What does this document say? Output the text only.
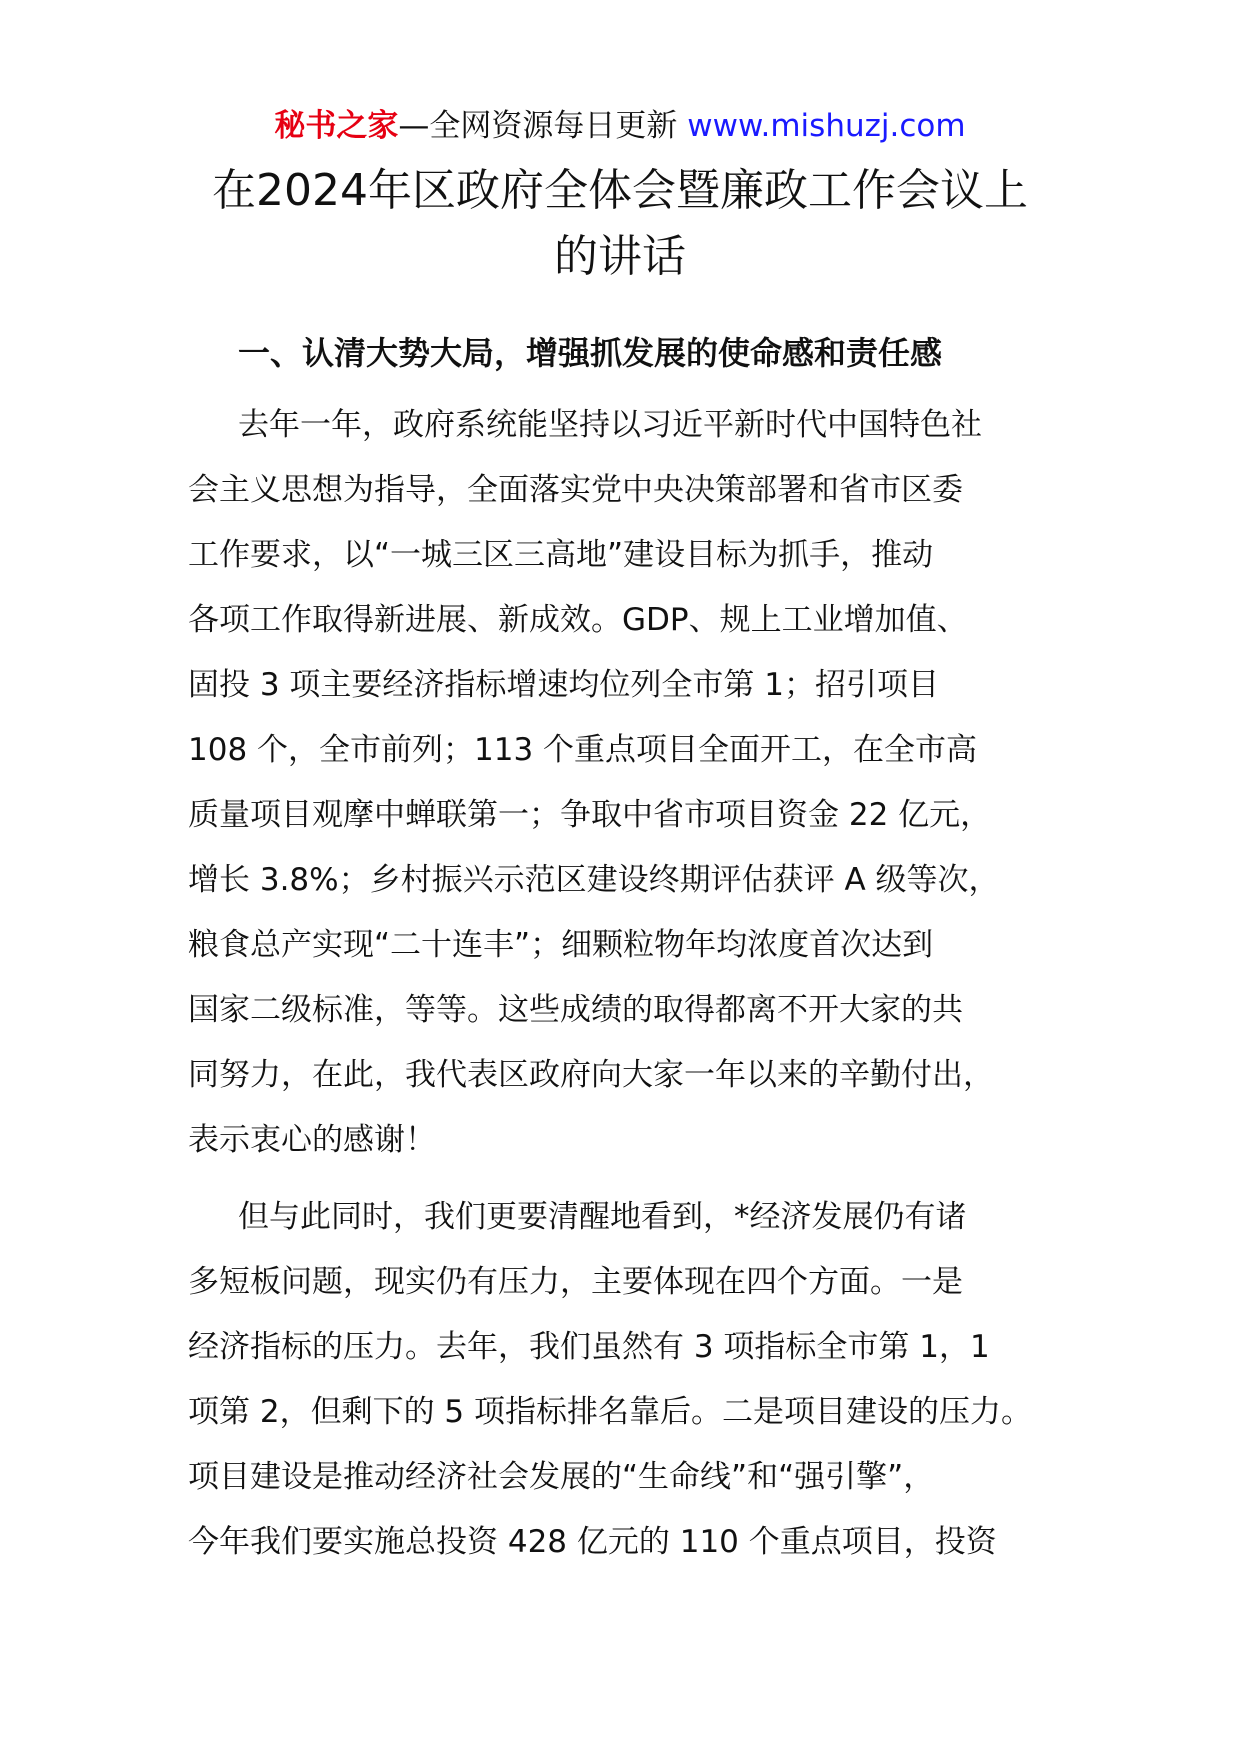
秘书之家—全网资源每日更新 www.mishuzj.com
在2024年区政府全体会暨廉政工作会议上
的讲话
一、认清大势大局，增强抓发展的使命感和责任感
去年一年，政府系统能坚持以习近平新时代中国特色社
会主义思想为指导，全面落实党中央决策部署和省市区委
工作要求，以“一城三区三高地”建设目标为抓手，推动
各项工作取得新进展、新成效。GDP、规上工业增加值、
固投 3 项主要经济指标增速均位列全市第 1；招引项目
108 个，全市前列；113 个重点项目全面开工，在全市高
质量项目观摩中蝉联第一；争取中省市项目资金 22 亿元，
增长 3.8%；乡村振兴示范区建设终期评估获评 A 级等次，
粮食总产实现“二十连丰”；细颗粒物年均浓度首次达到
国家二级标准，等等。这些成绩的取得都离不开大家的共
同努力，在此，我代表区政府向大家一年以来的辛勤付出，
表示衷心的感谢！
但与此同时，我们更要清醒地看到，*经济发展仍有诸
多短板问题，现实仍有压力，主要体现在四个方面。一是
经济指标的压力。去年，我们虽然有 3 项指标全市第 1，1
项第 2，但剩下的 5 项指标排名靠后。二是项目建设的压力。
项目建设是推动经济社会发展的“生命线”和“强引擎”，
今年我们要实施总投资 428 亿元的 110 个重点项目，投资
